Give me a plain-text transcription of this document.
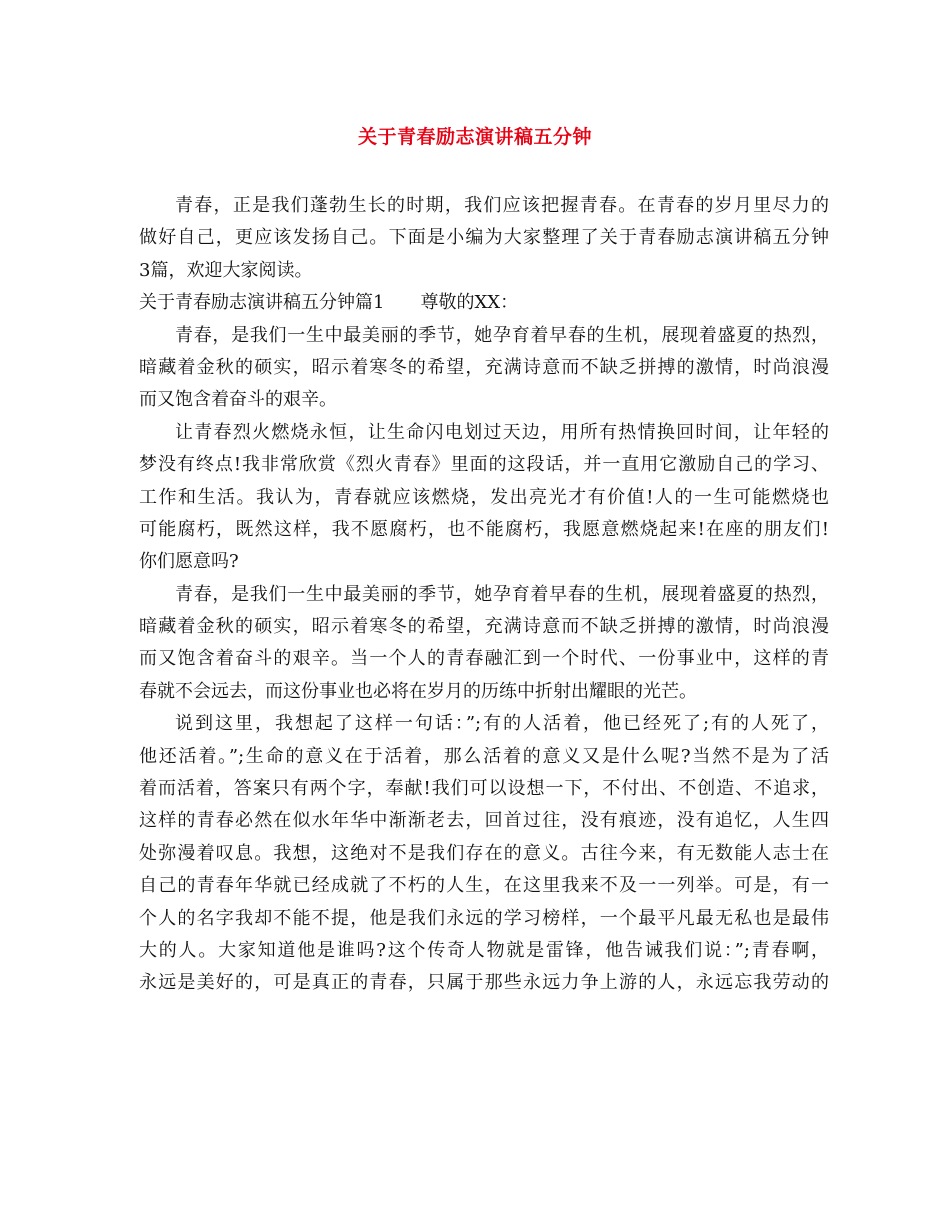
关于青春励志演讲稿五分钟
青春，正是我们蓬勃生长的时期，我们应该把握青春。在青春的岁月里尽力的
做好自己，更应该发扬自己。下面是小编为大家整理了关于青春励志演讲稿五分钟
3篇，欢迎大家阅读。
关于青春励志演讲稿五分钟篇1　　尊敬的XX：
青春，是我们一生中最美丽的季节，她孕育着早春的生机，展现着盛夏的热烈，
暗藏着金秋的硕实，昭示着寒冬的希望，充满诗意而不缺乏拼搏的激情，时尚浪漫
而又饱含着奋斗的艰辛。
让青春烈火燃烧永恒，让生命闪电划过天边，用所有热情换回时间，让年轻的
梦没有终点!我非常欣赏《烈火青春》里面的这段话，并一直用它激励自己的学习、
工作和生活。我认为，青春就应该燃烧，发出亮光才有价值!人的一生可能燃烧也
可能腐朽，既然这样，我不愿腐朽，也不能腐朽，我愿意燃烧起来!在座的朋友们!
你们愿意吗?
青春，是我们一生中最美丽的季节，她孕育着早春的生机，展现着盛夏的热烈，
暗藏着金秋的硕实，昭示着寒冬的希望，充满诗意而不缺乏拼搏的激情，时尚浪漫
而又饱含着奋斗的艰辛。当一个人的青春融汇到一个时代、一份事业中，这样的青
春就不会远去，而这份事业也必将在岁月的历练中折射出耀眼的光芒。
说到这里，我想起了这样一句话：”;有的人活着，他已经死了;有的人死了，
他还活着。”;生命的意义在于活着，那么活着的意义又是什么呢?当然不是为了活
着而活着，答案只有两个字，奉献!我们可以设想一下，不付出、不创造、不追求，
这样的青春必然在似水年华中渐渐老去，回首过往，没有痕迹，没有追忆，人生四
处弥漫着叹息。我想，这绝对不是我们存在的意义。古往今来，有无数能人志士在
自己的青春年华就已经成就了不朽的人生，在这里我来不及一一列举。可是，有一
个人的名字我却不能不提，他是我们永远的学习榜样，一个最平凡最无私也是最伟
大的人。大家知道他是谁吗?这个传奇人物就是雷锋，他告诫我们说：”;青春啊，
永远是美好的，可是真正的青春，只属于那些永远力争上游的人，永远忘我劳动的
